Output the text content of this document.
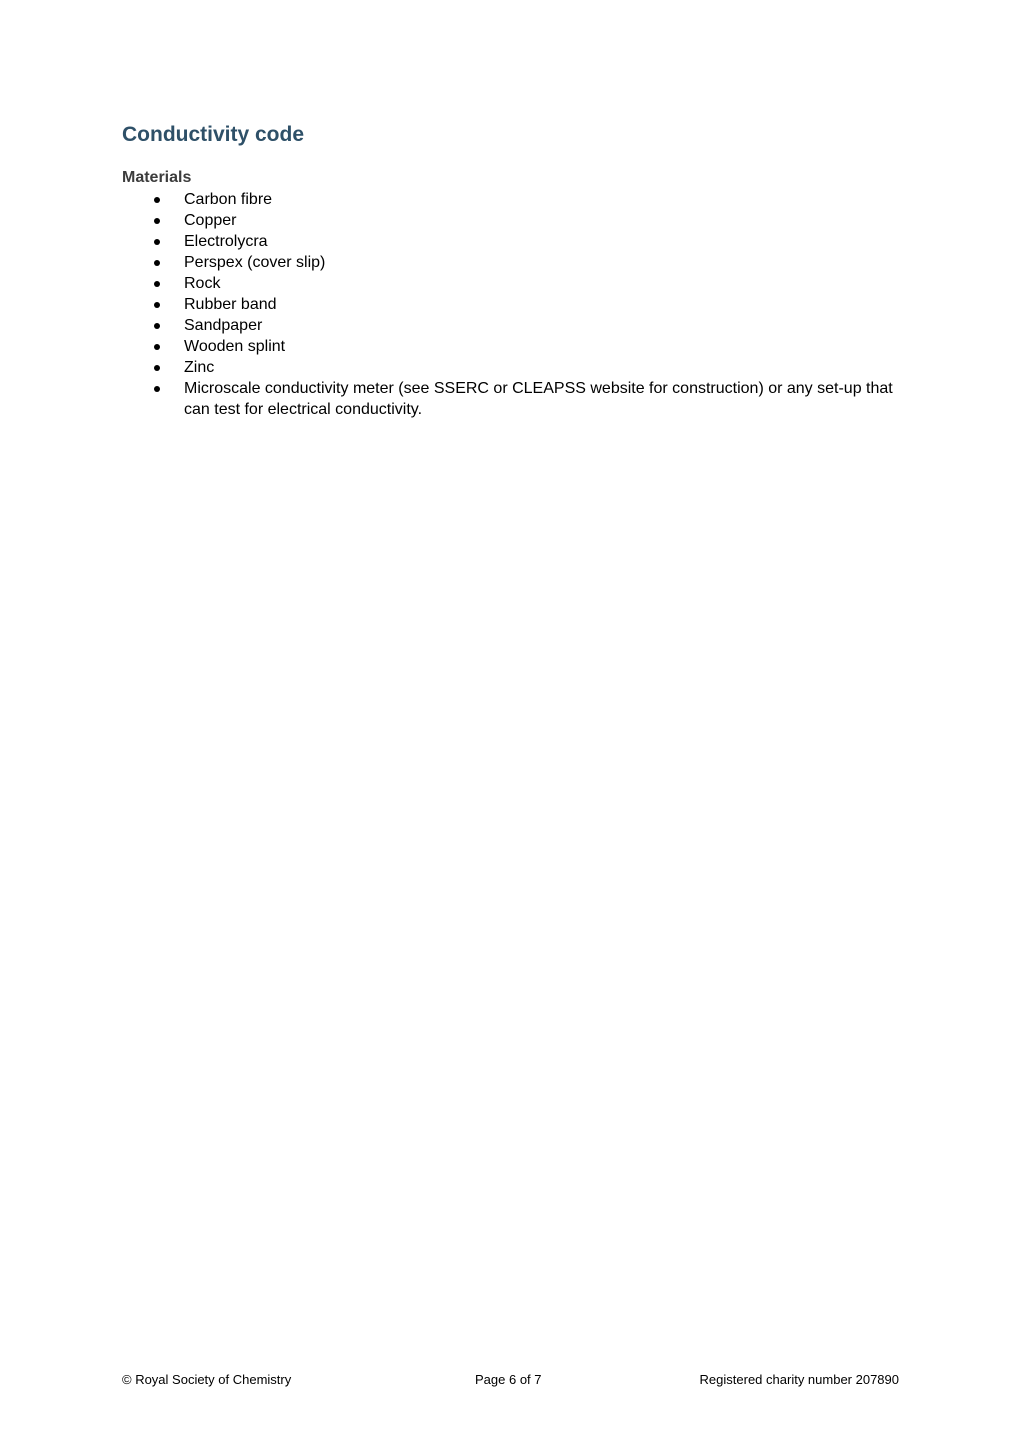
Conductivity code
Materials
Carbon fibre
Copper
Electrolycra
Perspex (cover slip)
Rock
Rubber band
Sandpaper
Wooden splint
Zinc
Microscale conductivity meter (see SSERC or CLEAPSS website for construction) or any set-up that can test for electrical conductivity.
© Royal Society of Chemistry	Page 6 of 7	Registered charity number 207890
